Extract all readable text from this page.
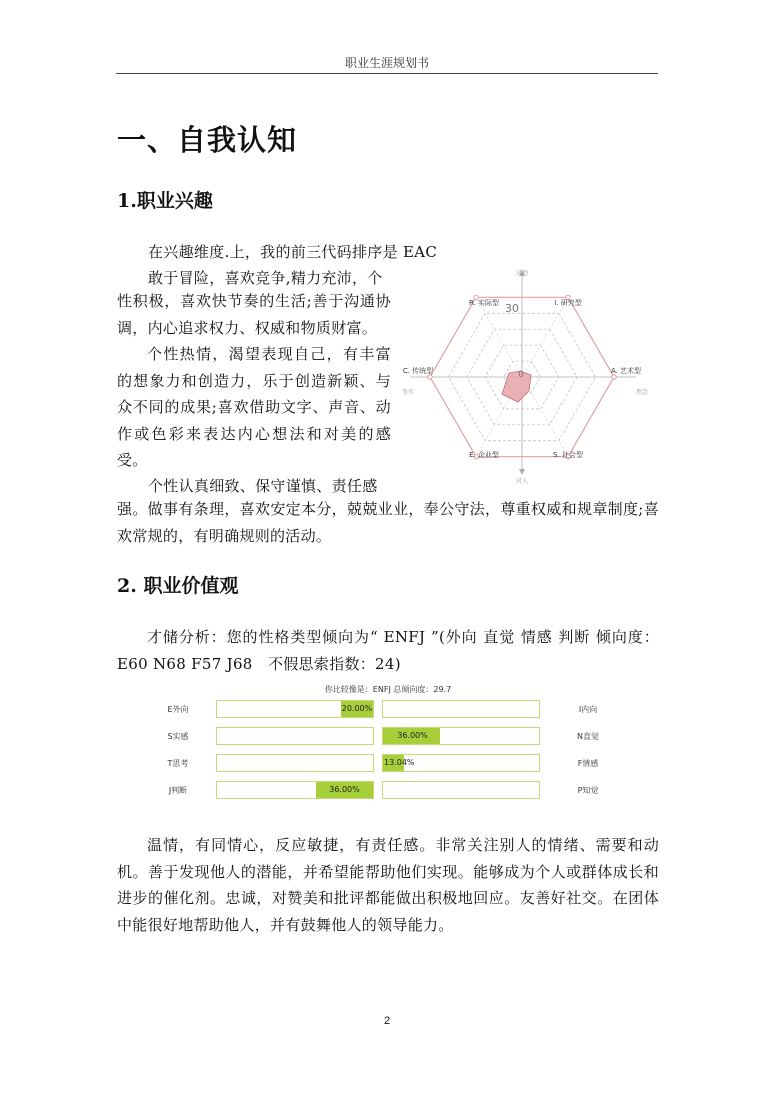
职业生涯规划书
一、自我认知
1.职业兴趣
在兴趣维度.上，我的前三代码排序是 EAC
敢于冒险，喜欢竞争,精力充沛，个
性积极，喜欢快节奏的生活;善于沟通协调，内心追求权力、权威和物质财富。
个性热情，渴望表现自己，有丰富的想象力和创造力，乐于创造新颖、与众不同的成果;喜欢借助文字、声音、动作或色彩来表达内心想法和对美的感受。
个性认真细致、保守谨慎、责任感
强。做事有条理，喜欢安定本分，兢兢业业，奉公守法，尊重权威和规章制度;喜欢常规的，有明确规则的活动。
对物
对人
务实	理念
30
0
R. 实际型	I. 研究型
A. 艺术型
S. 社会型
E. 企业型
C. 传统型
2. 职业价值观
才储分析：您的性格类型倾向为“ ENFJ ”(外向 直觉 情感 判断 倾向度：E60 N68 F57 J68　不假思索指数：24)
你比较像是：ENFJ 总倾向度：29.7
E外向	I内向
20.00%
S实感	N直觉
36.00%
T思考	F情感
13.04%
J判断	P知觉
36.00%
温情，有同情心，反应敏捷，有责任感。非常关注别人的情绪、需要和动机。善于发现他人的潜能，并希望能帮助他们实现。能够成为个人或群体成长和进步的催化剂。忠诚，对赞美和批评都能做出积极地回应。友善好社交。在团体中能很好地帮助他人，并有鼓舞他人的领导能力。
2
